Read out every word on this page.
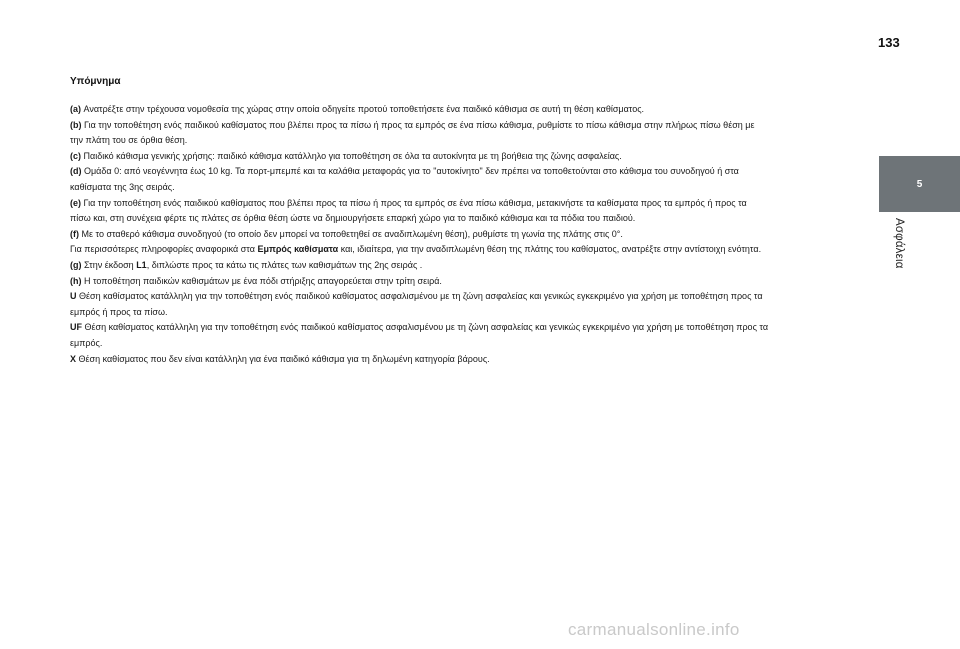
133
5
Ασφάλεια
Υπόμνημα

(a) Ανατρέξτε στην τρέχουσα νομοθεσία της χώρας στην οποία οδηγείτε προτού τοποθετήσετε ένα παιδικό κάθισμα σε αυτή τη θέση καθίσματος.

(b) Για την τοποθέτηση ενός παιδικού καθίσματος που βλέπει προς τα πίσω ή προς τα εμπρός σε ένα πίσω κάθισμα, ρυθμίστε το πίσω κάθισμα στην πλήρως πίσω θέση με

την πλάτη του σε όρθια θέση.

(c) Παιδικό κάθισμα γενικής χρήσης: παιδικό κάθισμα κατάλληλο για τοποθέτηση σε όλα τα αυτοκίνητα με τη βοήθεια της ζώνης ασφαλείας.

(d) Ομάδα 0: από νεογέννητα έως 10 kg. Τα πορτ-μπεμπέ και τα καλάθια μεταφοράς για το "αυτοκίνητο" δεν πρέπει να τοποθετούνται στο κάθισμα του συνοδηγού ή στα

καθίσματα της 3ης σειράς.

(e) Για την τοποθέτηση ενός παιδικού καθίσματος που βλέπει προς τα πίσω ή προς τα εμπρός σε ένα πίσω κάθισμα, μετακινήστε τα καθίσματα προς τα εμπρός ή προς τα

πίσω και, στη συνέχεια φέρτε τις πλάτες σε όρθια θέση ώστε να δημιουργήσετε επαρκή χώρο για το παιδικό κάθισμα και τα πόδια του παιδιού.

(f) Με το σταθερό κάθισμα συνοδηγού (το οποίο δεν μπορεί να τοποθετηθεί σε αναδιπλωμένη θέση), ρυθμίστε τη γωνία της πλάτης στις 0°.

Για περισσότερες πληροφορίες αναφορικά στα Εμπρός καθίσματα και, ιδιαίτερα, για την αναδιπλωμένη θέση της πλάτης του καθίσματος, ανατρέξτε στην αντίστοιχη ενότητα.

(g) Στην έκδοση L1, διπλώστε προς τα κάτω τις πλάτες των καθισμάτων της 2ης σειράς .

(h) Η τοποθέτηση παιδικών καθισμάτων με ένα πόδι στήριξης απαγορεύεται στην τρίτη σειρά.

U Θέση καθίσματος κατάλληλη για την τοποθέτηση ενός παιδικού καθίσματος ασφαλισμένου με τη ζώνη ασφαλείας και γενικώς εγκεκριμένο για χρήση με τοποθέτηση προς τα

εμπρός ή προς τα πίσω.

UF Θέση καθίσματος κατάλληλη για την τοποθέτηση ενός παιδικού καθίσματος ασφαλισμένου με τη ζώνη ασφαλείας και γενικώς εγκεκριμένο για χρήση με τοποθέτηση προς τα

εμπρός.

X Θέση καθίσματος που δεν είναι κατάλληλη για ένα παιδικό κάθισμα για τη δηλωμένη κατηγορία βάρους.

carmanualsonline.info
